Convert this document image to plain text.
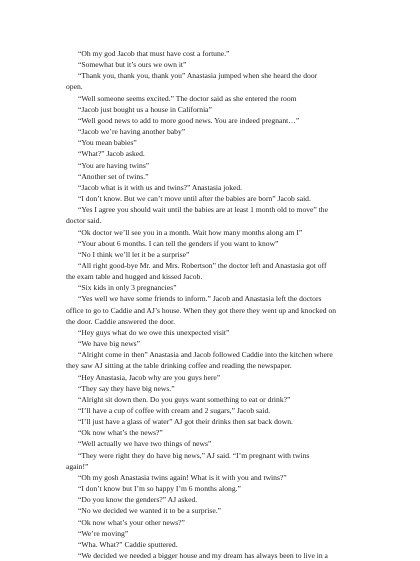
“Oh my god Jacob that must have cost a fortune.”
“Somewhat but it’s ours we own it”
“Thank you, thank you, thank you” Anastasia jumped when she heard the door
open.
“Well someone seems excited.” The doctor said as she entered the room
“Jacob just bought us a house in California”
“Well good news to add to more good news. You are indeed pregnant…”
“Jacob we’re having another baby”
“You mean babies”
“What?” Jacob asked.
“You are having twins”
“Another set of twins.”
“Jacob what is it with us and twins?” Anastasia joked.
“I don’t know. But we can’t move until after the babies are born” Jacob said.
“Yes I agree you should wait until the babies are at least 1 month old to move” the
doctor said.
“Ok doctor we’ll see you in a month. Wait how many months along am I”
“Your about 6 months. I can tell the genders if you want to know”
“No I think we’ll let it be a surprise”
“All right good-bye Mr. and Mrs. Robertson” the doctor left and Anastasia got off
the exam table and hugged and kissed Jacob.
“Six kids in only 3 pregnancies”
“Yes well we have some friends to inform.” Jacob and Anastasia left the doctors
office to go to Caddie and AJ’s house. When they got there they went up and knocked on
the door. Caddie answered the door.
“Hey guys what do we owe this unexpected visit”
“We have big news”
“Alright come in then” Anastasia and Jacob followed Caddie into the kitchen where
they saw AJ sitting at the table drinking coffee and reading the newspaper.
“Hey Anastasia, Jacob why are you guys here”
“They say they have big news.”
“Alright sit down then. Do you guys want something to eat or drink?”
“I’ll have a cup of coffee with cream and 2 sugars,” Jacob said.
“I’ll just have a glass of water” AJ got their drinks then sat back down.
“Ok now what’s the news?”
“Well actually we have two things of news”
“They were right they do have big news,” AJ said. “I’m pregnant with twins
again!”
“Oh my gosh Anastasia twins again! What is it with you and twins?”
“I don’t know but I’m so happy I’m 6 months along.”
“Do you know the genders?” AJ asked.
“No we decided we wanted it to be a surprise.”
“Ok now what’s your other news?”
“We’re moving”
“Wha. What?” Caddie sputtered.
“We decided we needed a bigger house and my dream has always been to live in a
